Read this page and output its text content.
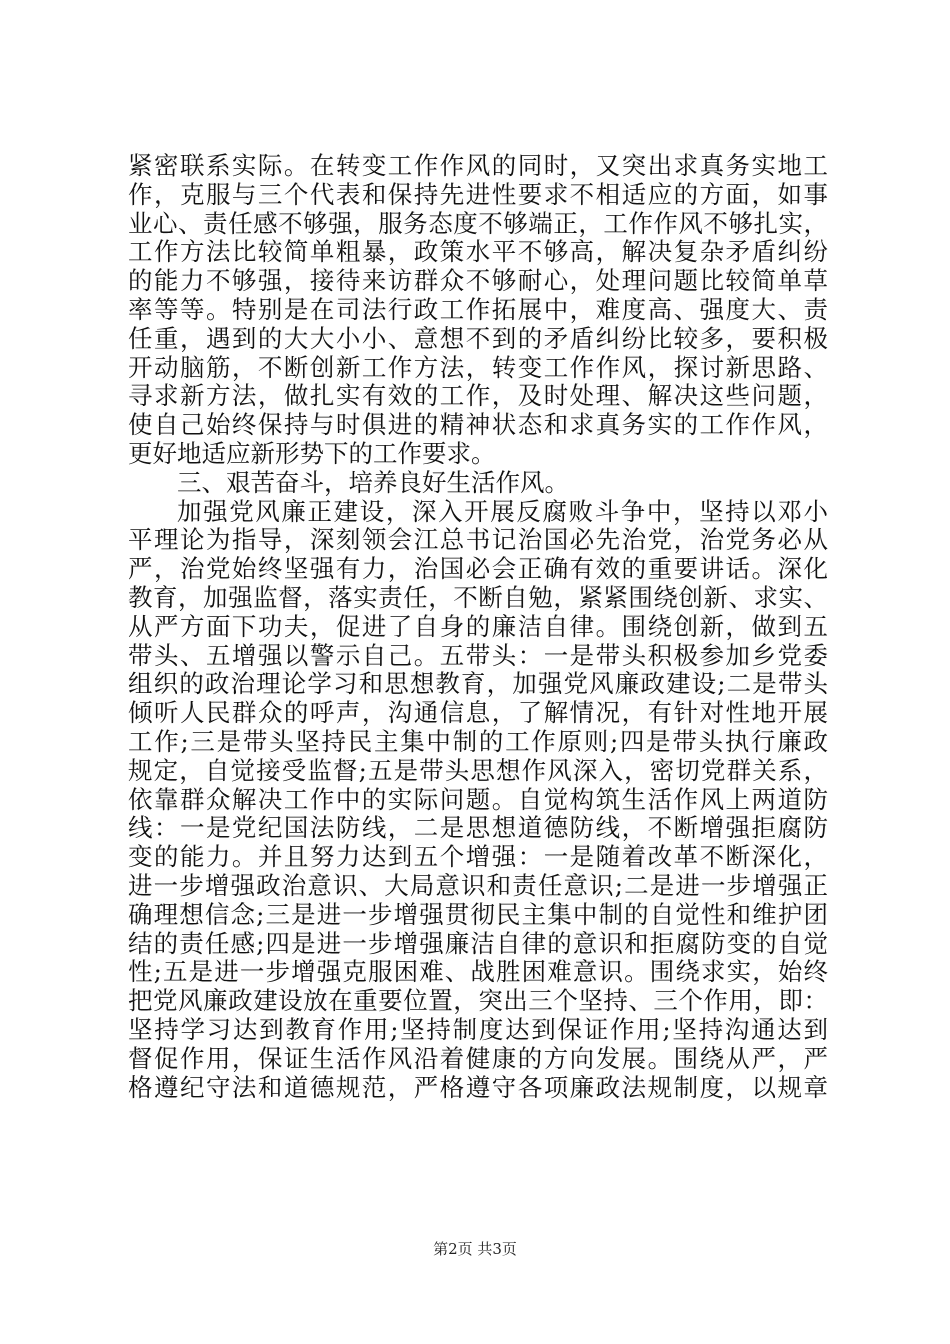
紧密联系实际。在转变工作作风的同时，又突出求真务实地工
作，克服与三个代表和保持先进性要求不相适应的方面，如事
业心、责任感不够强，服务态度不够端正，工作作风不够扎实，
工作方法比较简单粗暴，政策水平不够高，解决复杂矛盾纠纷
的能力不够强，接待来访群众不够耐心，处理问题比较简单草
率等等。特别是在司法行政工作拓展中，难度高、强度大、责
任重，遇到的大大小小、意想不到的矛盾纠纷比较多，要积极
开动脑筋，不断创新工作方法，转变工作作风，探讨新思路、
寻求新方法，做扎实有效的工作，及时处理、解决这些问题，
使自己始终保持与时俱进的精神状态和求真务实的工作作风，
更好地适应新形势下的工作要求。
三、艰苦奋斗，培养良好生活作风。
加强党风廉正建设，深入开展反腐败斗争中，坚持以邓小
平理论为指导，深刻领会江总书记治国必先治党，治党务必从
严，治党始终坚强有力，治国必会正确有效的重要讲话。深化
教育，加强监督，落实责任，不断自勉，紧紧围绕创新、求实、
从严方面下功夫，促进了自身的廉洁自律。围绕创新，做到五
带头、五增强以警示自己。五带头：一是带头积极参加乡党委
组织的政治理论学习和思想教育，加强党风廉政建设;二是带头
倾听人民群众的呼声，沟通信息，了解情况，有针对性地开展
工作;三是带头坚持民主集中制的工作原则;四是带头执行廉政
规定，自觉接受监督;五是带头思想作风深入，密切党群关系，
依靠群众解决工作中的实际问题。自觉构筑生活作风上两道防
线：一是党纪国法防线，二是思想道德防线，不断增强拒腐防
变的能力。并且努力达到五个增强：一是随着改革不断深化，
进一步增强政治意识、大局意识和责任意识;二是进一步增强正
确理想信念;三是进一步增强贯彻民主集中制的自觉性和维护团
结的责任感;四是进一步增强廉洁自律的意识和拒腐防变的自觉
性;五是进一步增强克服困难、战胜困难意识。围绕求实，始终
把党风廉政建设放在重要位置，突出三个坚持、三个作用，即：
坚持学习达到教育作用;坚持制度达到保证作用;坚持沟通达到
督促作用，保证生活作风沿着健康的方向发展。围绕从严，严
格遵纪守法和道德规范，严格遵守各项廉政法规制度，以规章
第2页 共3页
